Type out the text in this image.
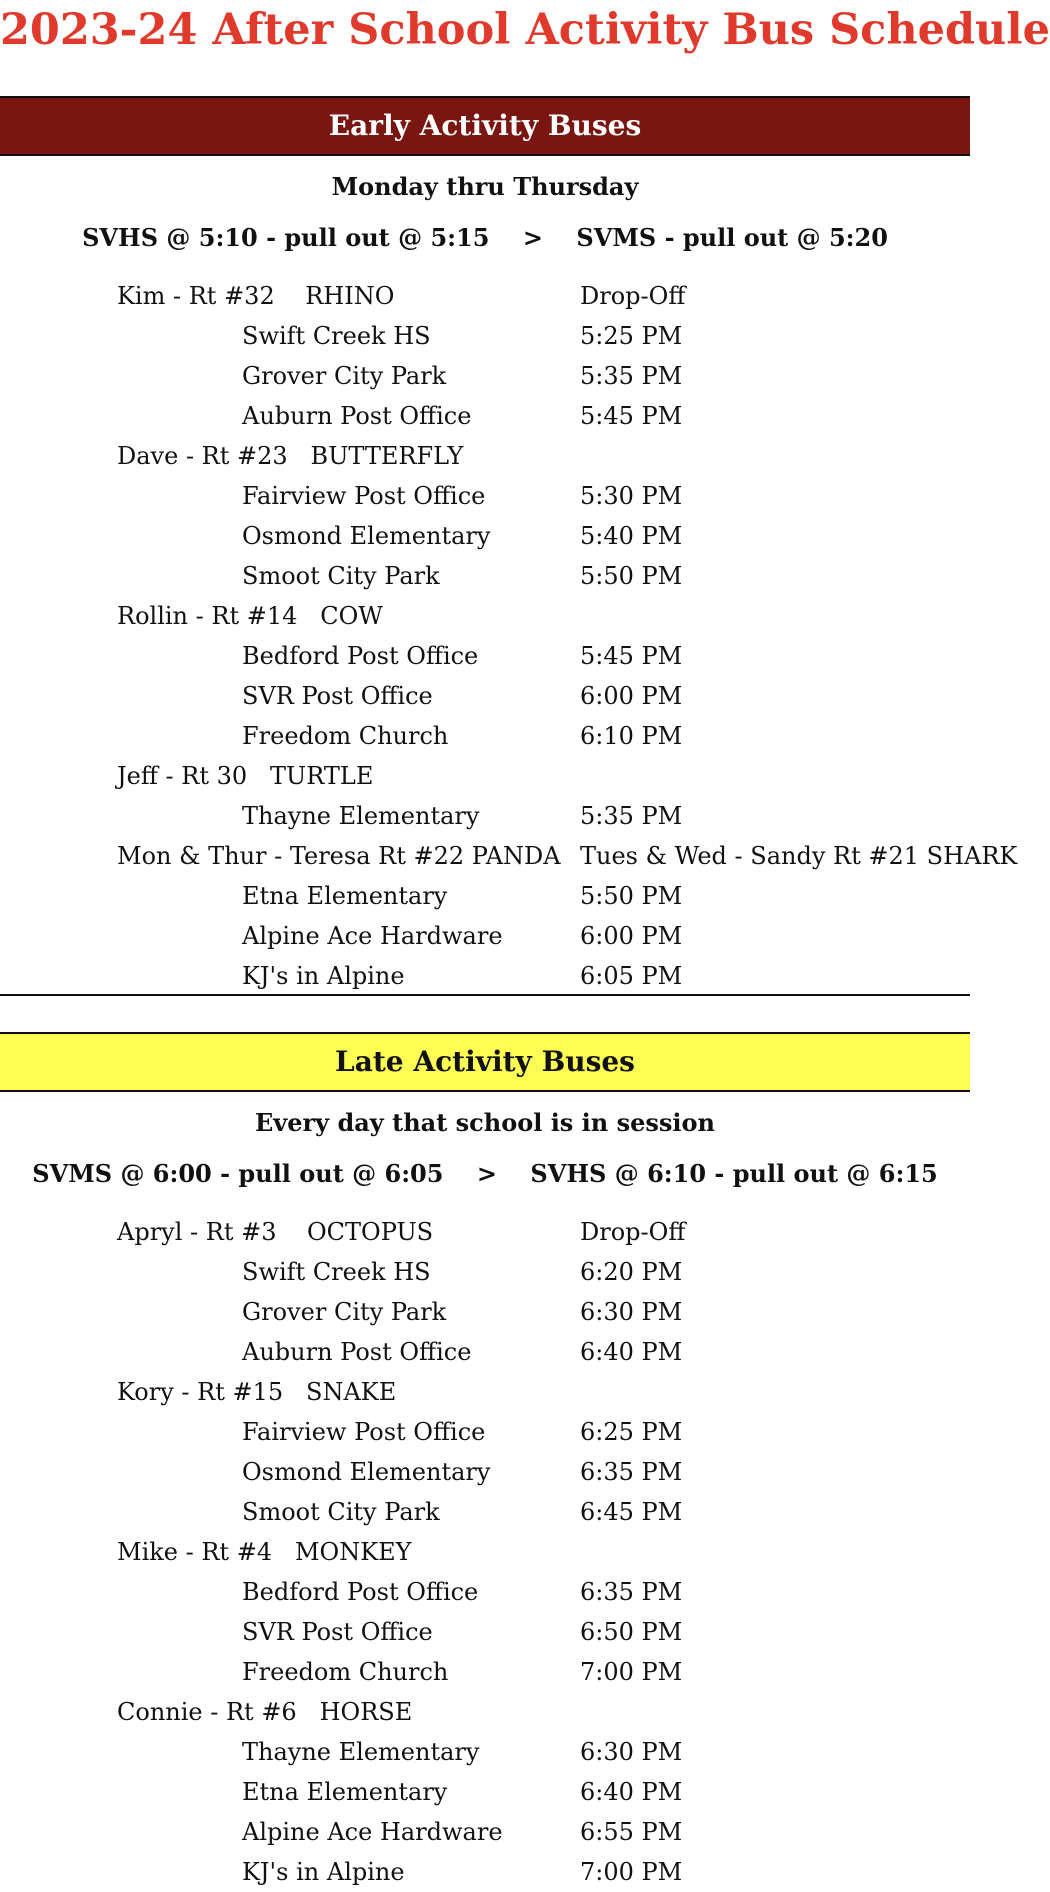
2023-24 After School Activity Bus Schedule
Early Activity Buses
Monday thru Thursday
SVHS @ 5:10 - pull out @ 5:15    >    SVMS - pull out @ 5:20
Kim - Rt #32    RHINO	Drop-Off
Swift Creek HS	5:25 PM
Grover City Park	5:35 PM
Auburn Post Office	5:45 PM
Dave - Rt #23   BUTTERFLY
Fairview Post Office	5:30 PM
Osmond Elementary	5:40 PM
Smoot City Park	5:50 PM
Rollin - Rt #14   COW
Bedford Post Office	5:45 PM
SVR Post Office	6:00 PM
Freedom Church	6:10 PM
Jeff - Rt 30   TURTLE
Thayne Elementary	5:35 PM
Mon & Thur - Teresa Rt #22 PANDA Tues & Wed - Sandy Rt #21 SHARK
Etna Elementary	5:50 PM
Alpine Ace Hardware	6:00 PM
KJ's in Alpine	6:05 PM
Late Activity Buses
Every day that school is in session
SVMS @ 6:00 - pull out @ 6:05    >    SVHS @ 6:10 - pull out @ 6:15
Apryl - Rt #3    OCTOPUS	Drop-Off
Swift Creek HS	6:20 PM
Grover City Park	6:30 PM
Auburn Post Office	6:40 PM
Kory - Rt #15   SNAKE
Fairview Post Office	6:25 PM
Osmond Elementary	6:35 PM
Smoot City Park	6:45 PM
Mike - Rt #4   MONKEY
Bedford Post Office	6:35 PM
SVR Post Office	6:50 PM
Freedom Church	7:00 PM
Connie - Rt #6   HORSE
Thayne Elementary	6:30 PM
Etna Elementary	6:40 PM
Alpine Ace Hardware	6:55 PM
KJ's in Alpine	7:00 PM
